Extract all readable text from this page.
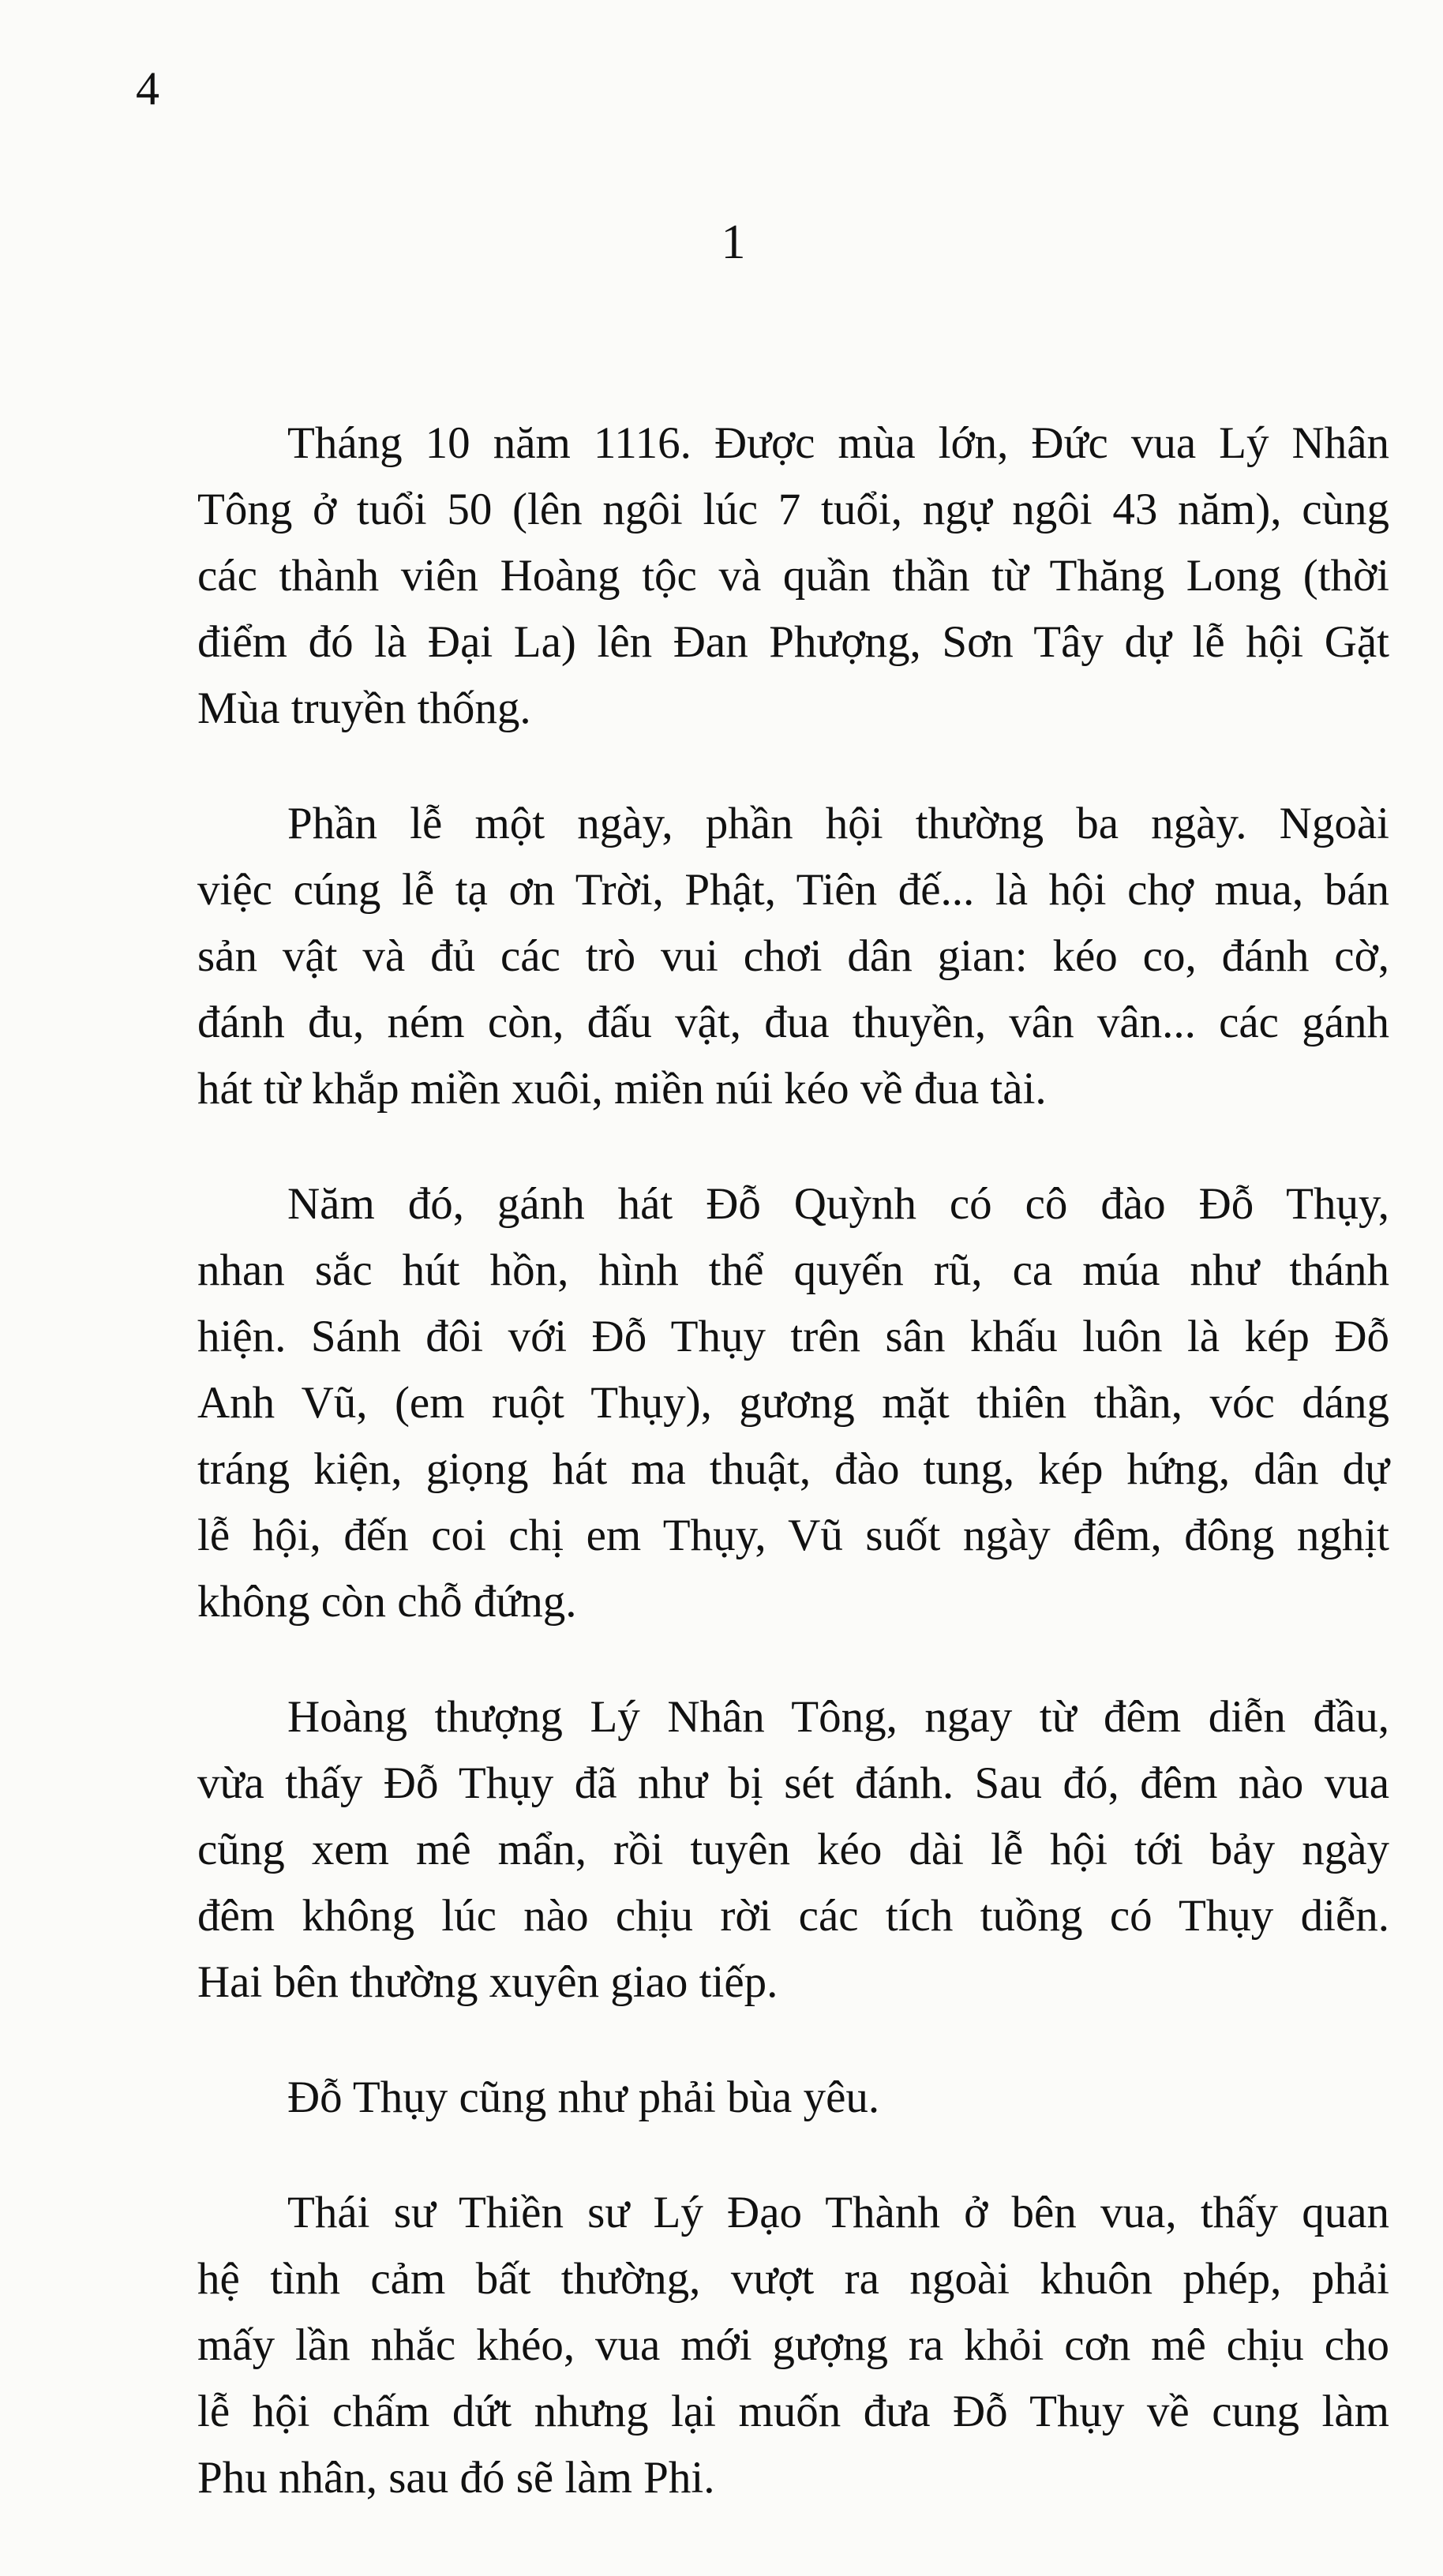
4
1
Tháng 10 năm 1116. Được mùa lớn, Đức vua Lý Nhân
Tông ở tuổi 50 (lên ngôi lúc 7 tuổi, ngự ngôi 43 năm), cùng
các thành viên Hoàng tộc và quần thần từ Thăng Long (thời
điểm đó là Đại La) lên Đan Phượng, Sơn Tây dự lễ hội Gặt
Mùa truyền thống.
Phần lễ một ngày, phần hội thường ba ngày. Ngoài
việc cúng lễ tạ ơn Trời, Phật, Tiên đế... là hội chợ mua, bán
sản vật và đủ các trò vui chơi dân gian: kéo co, đánh cờ,
đánh đu, ném còn, đấu vật, đua thuyền, vân vân... các gánh
hát từ khắp miền xuôi, miền núi kéo về đua tài.
Năm đó, gánh hát Đỗ Quỳnh có cô đào Đỗ Thụy,
nhan sắc hút hồn, hình thể quyến rũ, ca múa như thánh
hiện. Sánh đôi với Đỗ Thụy trên sân khấu luôn là kép Đỗ
Anh Vũ, (em ruột Thụy), gương mặt thiên thần, vóc dáng
tráng kiện, giọng hát ma thuật, đào tung, kép hứng, dân dự
lễ hội, đến coi chị em Thụy, Vũ suốt ngày đêm, đông nghịt
không còn chỗ đứng.
Hoàng thượng Lý Nhân Tông, ngay từ đêm diễn đầu,
vừa thấy Đỗ Thụy đã như bị sét đánh. Sau đó, đêm nào vua
cũng xem mê mẩn, rồi tuyên kéo dài lễ hội tới bảy ngày
đêm không lúc nào chịu rời các tích tuồng có Thụy diễn.
Hai bên thường xuyên giao tiếp.
Đỗ Thụy cũng như phải bùa yêu.
Thái sư Thiền sư Lý Đạo Thành ở bên vua, thấy quan
hệ tình cảm bất thường, vượt ra ngoài khuôn phép, phải
mấy lần nhắc khéo, vua mới gượng ra khỏi cơn mê chịu cho
lễ hội chấm dứt nhưng lại muốn đưa Đỗ Thụy về cung làm
Phu nhân, sau đó sẽ làm Phi.
